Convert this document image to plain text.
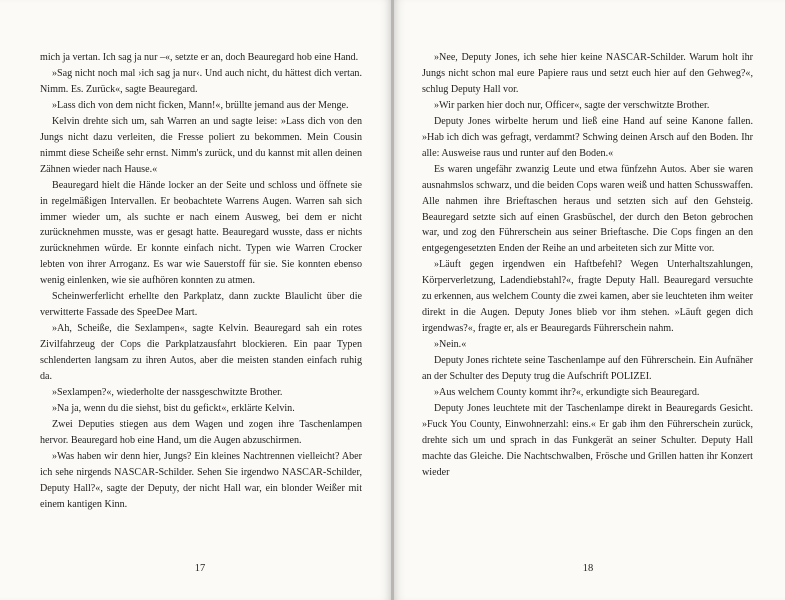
mich ja vertan. Ich sag ja nur –«, setzte er an, doch Beauregard hob eine Hand.

»Sag nicht noch mal ›ich sag ja nur‹. Und auch nicht, du hättest dich vertan. Nimm. Es. Zurück«, sagte Beauregard.

»Lass dich von dem nicht ficken, Mann!«, brüllte jemand aus der Menge.

Kelvin drehte sich um, sah Warren an und sagte leise: »Lass dich von den Jungs nicht dazu verleiten, die Fresse poliert zu bekommen. Mein Cousin nimmt diese Scheiße sehr ernst. Nimm's zurück, und du kannst mit allen deinen Zähnen wieder nach Hause.«

Beauregard hielt die Hände locker an der Seite und schloss und öffnete sie in regelmäßigen Intervallen. Er beobachtete Warrens Augen. Warren sah sich immer wieder um, als suchte er nach einem Ausweg, bei dem er nicht zurücknehmen musste, was er gesagt hatte. Beauregard wusste, dass er nichts zurücknehmen würde. Er konnte einfach nicht. Typen wie Warren Crocker lebten von ihrer Arroganz. Es war wie Sauerstoff für sie. Sie konnten ebenso wenig einlenken, wie sie aufhören konnten zu atmen.

Scheinwerferlicht erhellte den Parkplatz, dann zuckte Blaulicht über die verwitterte Fassade des SpeeDee Mart.

»Ah, Scheiße, die Sexlampen«, sagte Kelvin. Beauregard sah ein rotes Zivilfahrzeug der Cops die Parkplatzausfahrt blockieren. Ein paar Typen schlenderten langsam zu ihren Autos, aber die meisten standen einfach ruhig da.

»Sexlampen?«, wiederholte der nassgeschwitzte Brother.

»Na ja, wenn du die siehst, bist du gefickt«, erklärte Kelvin.

Zwei Deputies stiegen aus dem Wagen und zogen ihre Taschenlampen hervor. Beauregard hob eine Hand, um die Augen abzuschirmen.

»Was haben wir denn hier, Jungs? Ein kleines Nachtrennen vielleicht? Aber ich sehe nirgends NASCAR-Schilder. Sehen Sie irgendwo NASCAR-Schilder, Deputy Hall?«, sagte der Deputy, der nicht Hall war, ein blonder Weißer mit einem kantigen Kinn.

17

»Nee, Deputy Jones, ich sehe hier keine NASCAR-Schilder. Warum holt ihr Jungs nicht schon mal eure Papiere raus und setzt euch hier auf den Gehweg?«, schlug Deputy Hall vor.

»Wir parken hier doch nur, Officer«, sagte der verschwitzte Brother.

Deputy Jones wirbelte herum und ließ eine Hand auf seine Kanone fallen. »Hab ich dich was gefragt, verdammt? Schwing deinen Arsch auf den Boden. Ihr alle: Ausweise raus und runter auf den Boden.«

Es waren ungefähr zwanzig Leute und etwa fünfzehn Autos. Aber sie waren ausnahmslos schwarz, und die beiden Cops waren weiß und hatten Schusswaffen. Alle nahmen ihre Brieftaschen heraus und setzten sich auf den Gehsteig. Beauregard setzte sich auf einen Grasbüschel, der durch den Beton gebrochen war, und zog den Führerschein aus seiner Brieftasche. Die Cops fingen an den entgegengesetzten Enden der Reihe an und arbeiteten sich zur Mitte vor.

»Läuft gegen irgendwen ein Haftbefehl? Wegen Unterhaltszahlungen, Körperverletzung, Ladendiebstahl?«, fragte Deputy Hall. Beauregard versuchte zu erkennen, aus welchem County die zwei kamen, aber sie leuchteten ihm weiter direkt in die Augen. Deputy Jones blieb vor ihm stehen. »Läuft gegen dich irgendwas?«, fragte er, als er Beauregards Führerschein nahm.

»Nein.«

Deputy Jones richtete seine Taschenlampe auf den Führerschein. Ein Aufnäher an der Schulter des Deputy trug die Aufschrift POLIZEI.

»Aus welchem County kommt ihr?«, erkundigte sich Beauregard.

Deputy Jones leuchtete mit der Taschenlampe direkt in Beauregards Gesicht. »Fuck You County, Einwohnerzahl: eins.« Er gab ihm den Führerschein zurück, drehte sich um und sprach in das Funkgerät an seiner Schulter. Deputy Hall machte das Gleiche. Die Nachtschwalben, Frösche und Grillen hatten ihr Konzert wieder

18
